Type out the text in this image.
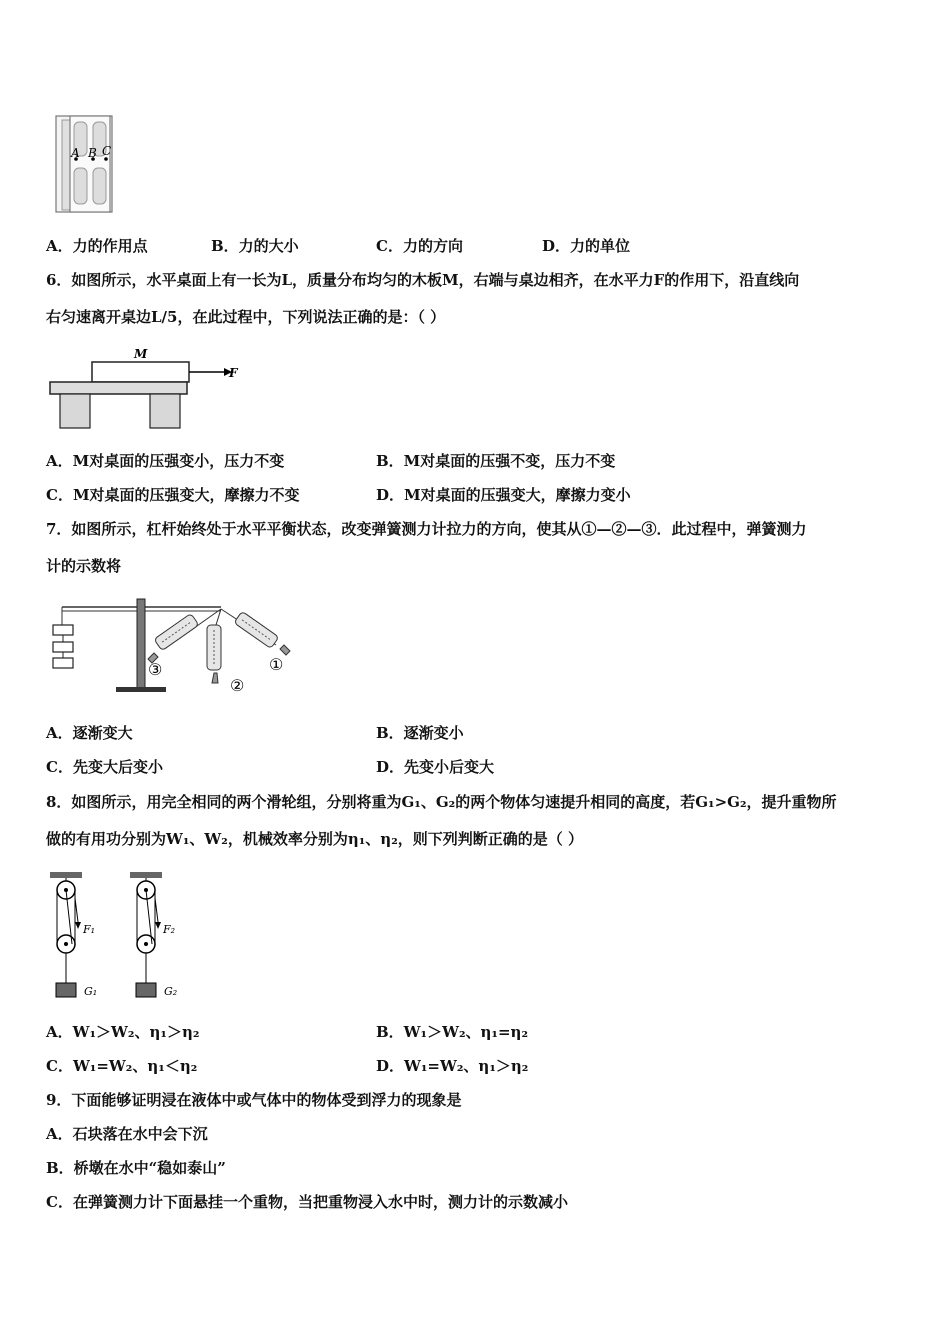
A B C
A．力的作用点	B．力的大小	C．力的方向	D．力的单位
6．如图所示，水平桌面上有一长为L，质量分布均匀的木板M，右端与桌边相齐，在水平力F的作用下，沿直线向
右匀速离开桌边L/5，在此过程中，下列说法正确的是：（ ）
M
F
A．M对桌面的压强变小，压力不变	B．M对桌面的压强不变，压力不变
C．M对桌面的压强变大，摩擦力不变	D．M对桌面的压强变大，摩擦力变小
7．如图所示，杠杆始终处于水平平衡状态，改变弹簧测力计拉力的方向，使其从①—②—③．此过程中，弹簧测力
计的示数将
③
②
①
A．逐渐变大	B．逐渐变小
C．先变大后变小	D．先变小后变大
8．如图所示，用完全相同的两个滑轮组，分别将重为G₁、G₂的两个物体匀速提升相同的高度，若G₁>G₂，提升重物所
做的有用功分别为W₁、W₂，机械效率分别为η₁、η₂，则下列判断正确的是（ ）
F₁
G₁
F₂
G₂
A．W₁＞W₂、η₁＞η₂	B．W₁＞W₂、η₁=η₂
C．W₁=W₂、η₁＜η₂	D．W₁=W₂、η₁＞η₂
9．下面能够证明浸在液体中或气体中的物体受到浮力的现象是
A．石块落在水中会下沉
B．桥墩在水中“稳如泰山”
C．在弹簧测力计下面悬挂一个重物，当把重物浸入水中时，测力计的示数减小
